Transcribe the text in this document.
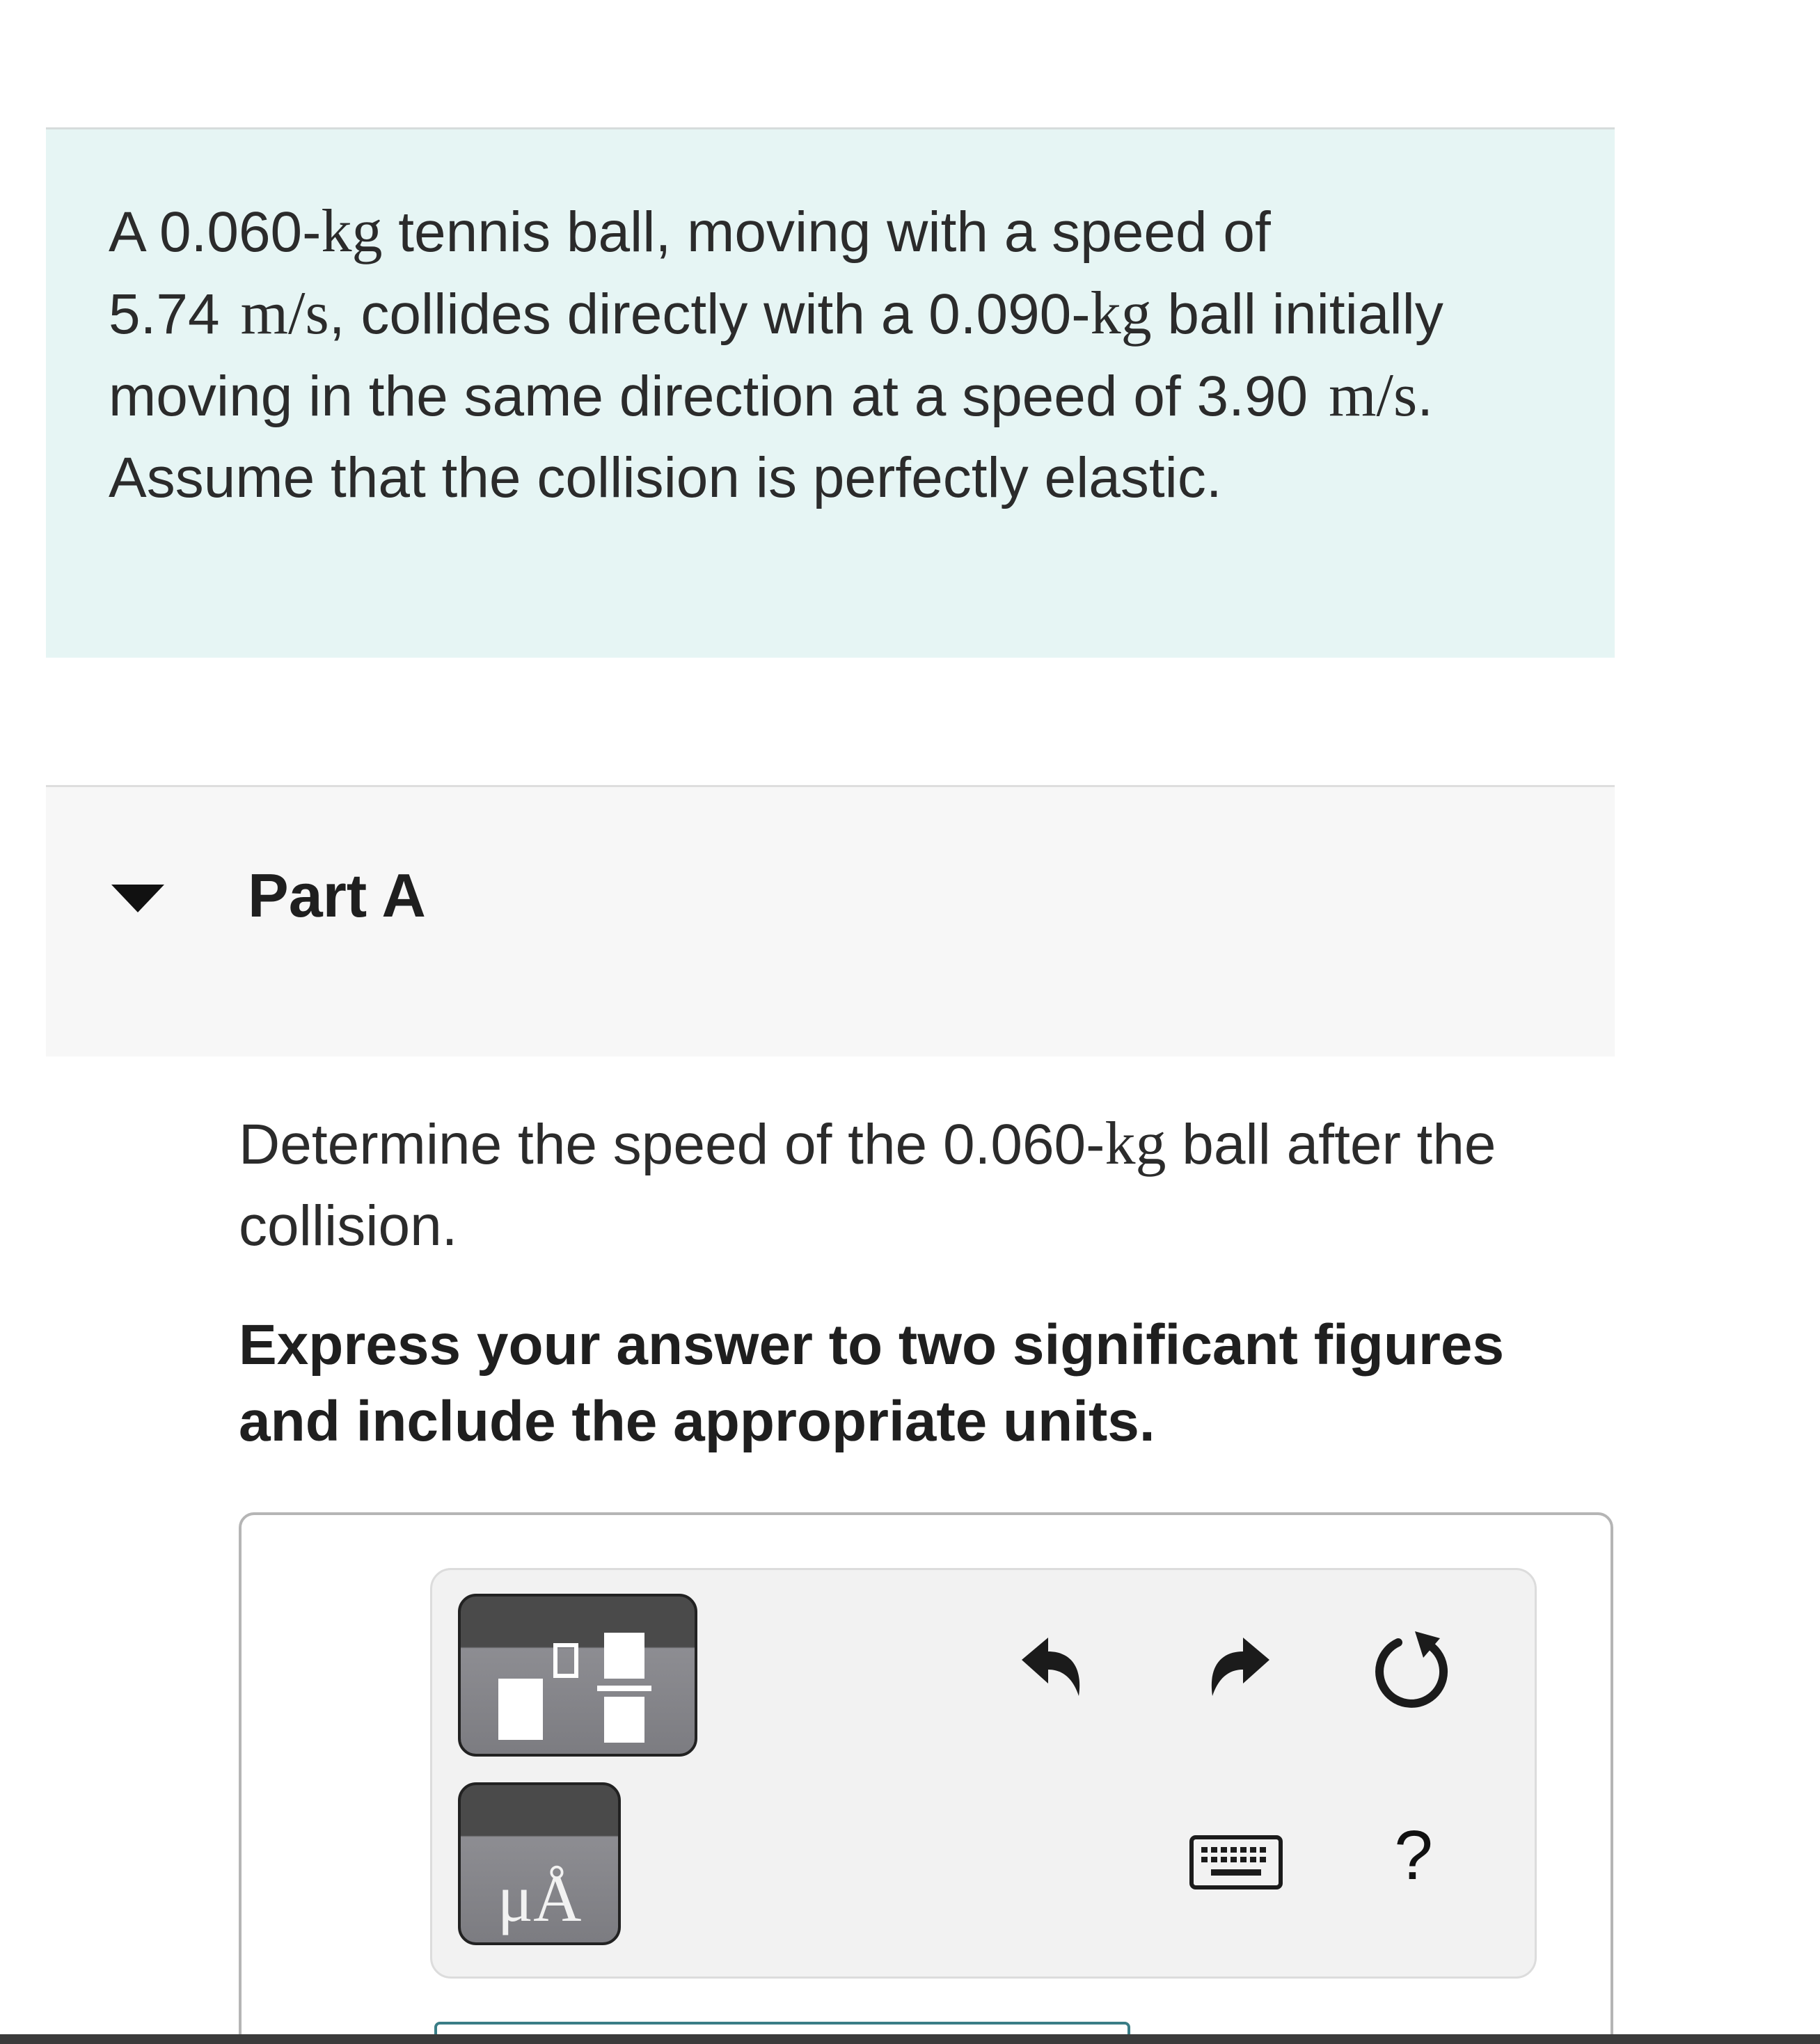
A 0.060-kg tennis ball, moving with a speed of
5.74 m/s, collides directly with a 0.090-kg ball initially moving in the same direction at a speed of 3.90 m/s. Assume that the collision is perfectly elastic.
Part A
Determine the speed of the 0.060-kg ball after the collision.
Express your answer to two significant figures and include the appropriate units.
μÅ
?
